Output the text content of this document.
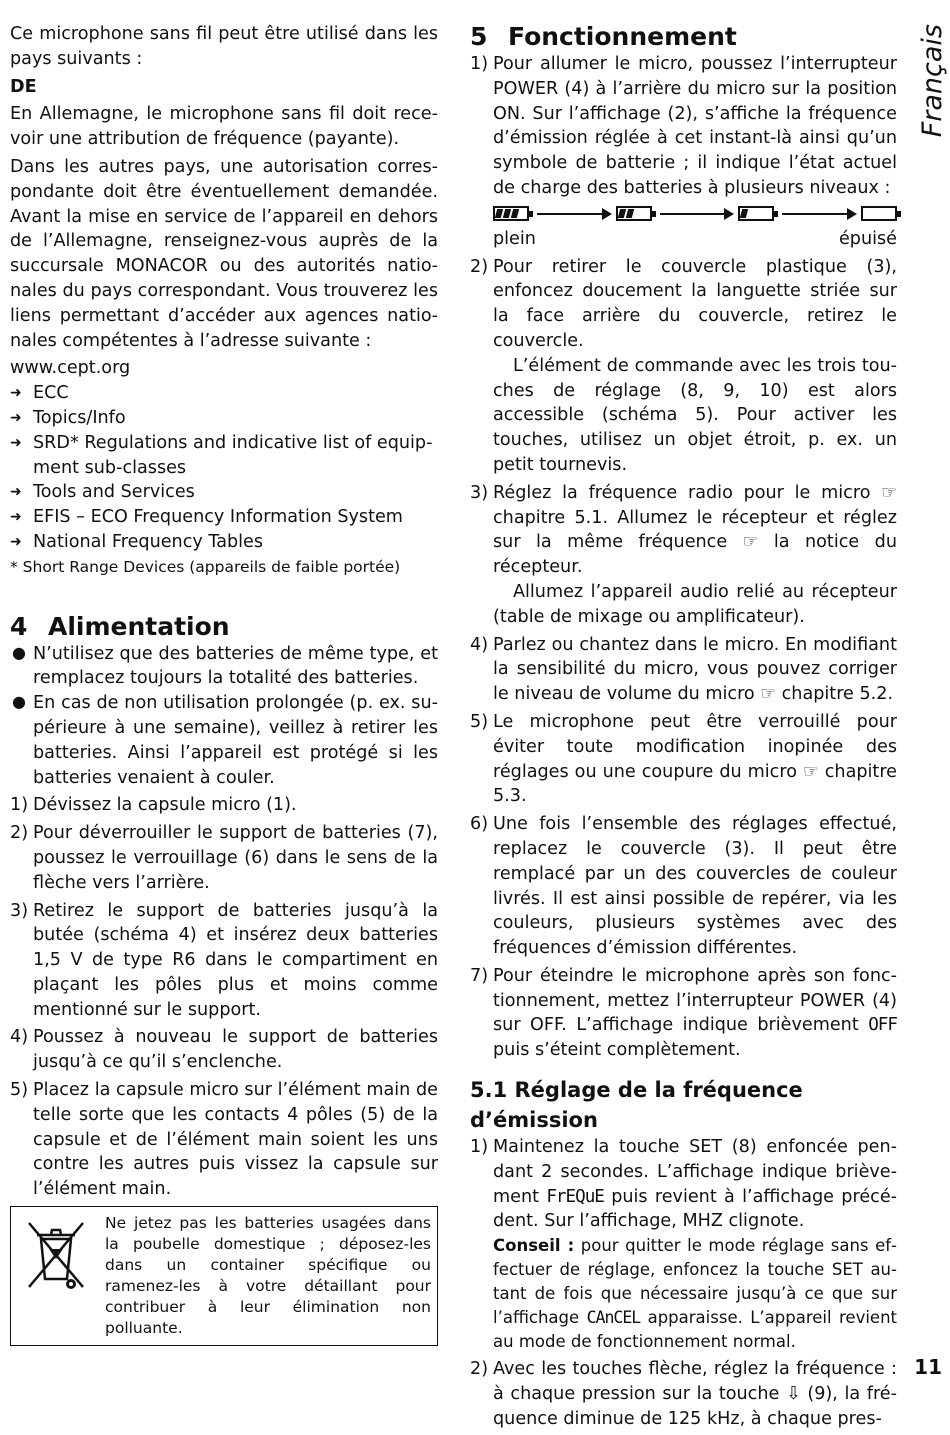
Français

Ce microphone sans fil peut être utilisé dans les pays suivants :

DE

En Allemagne, le microphone sans fil doit recevoir une attribution de fréquence (payante).

Dans les autres pays, une autorisation correspondante doit être éventuellement demandée. Avant la mise en service de l’appareil en dehors de l’Allemagne, renseignez-vous auprès de la succursale MONACOR ou des autorités nationales du pays correspondant. Vous trouverez les liens permettant d’accéder aux agences nationales compétentes à l’adresse suivante :

www.cept.org

➜ ECC
➜ Topics/Info
➜ SRD* Regulations and indicative list of equipment sub-classes
➜ Tools and Services
➜ EFIS – ECO Frequency Information System
➜ National Frequency Tables

* Short Range Devices (appareils de faible portée)

4 Alimentation
● N’utilisez que des batteries de même type, et remplacez toujours la totalité des batteries.
● En cas de non utilisation prolongée (p. ex. supérieure à une semaine), veillez à retirer les batteries. Ainsi l’appareil est protégé si les batteries venaient à couler.
1) Dévissez la capsule micro (1).
2) Pour déverrouiller le support de batteries (7), poussez le verrouillage (6) dans le sens de la flèche vers l’arrière.
3) Retirez le support de batteries jusqu’à la butée (schéma 4) et insérez deux batteries 1,5 V de type R6 dans le compartiment en plaçant les pôles plus et moins comme mentionné sur le support.
4) Poussez à nouveau le support de batteries jusqu’à ce qu’il s’enclenche.
5) Placez la capsule micro sur l’élément main de telle sorte que les contacts 4 pôles (5) de la capsule et de l’élément main soient les uns contre les autres puis vissez la capsule sur l’élément main.

Ne jetez pas les batteries usagées dans la poubelle domestique ; déposez-les dans un container spécifique ou ramenez-les à votre détaillant pour contribuer à leur élimination non polluante.

5 Fonctionnement
1) Pour allumer le micro, poussez l’interrupteur POWER (4) à l’arrière du micro sur la position ON. Sur l’affichage (2), s’affiche la fréquence d’émission réglée à cet instant-là ainsi qu’un symbole de batterie ; il indique l’état actuel de charge des batteries à plusieurs niveaux :
plein	épuisé
2) Pour retirer le couvercle plastique (3), enfoncez doucement la languette striée sur la face arrière du couvercle, retirez le couvercle.

L’élément de commande avec les trois touches de réglage (8, 9, 10) est alors accessible (schéma 5). Pour activer les touches, utilisez un objet étroit, p. ex. un petit tournevis.

3) Réglez la fréquence radio pour le micro ☞ chapitre 5.1. Allumez le récepteur et réglez sur la même fréquence ☞ la notice du récepteur.

Allumez l’appareil audio relié au récepteur (table de mixage ou amplificateur).

4) Parlez ou chantez dans le micro. En modifiant la sensibilité du micro, vous pouvez corriger le niveau de volume du micro ☞ chapitre 5.2.
5) Le microphone peut être verrouillé pour éviter toute modification inopinée des réglages ou une coupure du micro ☞ chapitre 5.3.
6) Une fois l’ensemble des réglages effectué, replacez le couvercle (3). Il peut être remplacé par un des couvercles de couleur livrés. Il est ainsi possible de repérer, via les couleurs, plusieurs systèmes avec des fréquences d’émission différentes.
7) Pour éteindre le microphone après son fonctionnement, mettez l’interrupteur POWER (4) sur OFF. L’affichage indique brièvement OFF puis s’éteint complètement.
5.1 Réglage de la fréquence d’émission
1) Maintenez la touche SET (8) enfoncée pendant 2 secondes. L’affichage indique brièvement FrEQuE puis revient à l’affichage précédent. Sur l’affichage, MHZ clignote.

Conseil : pour quitter le mode réglage sans effectuer de réglage, enfoncez la touche SET autant de fois que nécessaire jusqu’à ce que sur l’affichage CAnCEL apparaisse. L’appareil revient au mode de fonctionnement normal.

2) Avec les touches flèche, réglez la fréquence : à chaque pression sur la touche ⇩ (9), la fréquence diminue de 125 kHz, à chaque pres-
11
